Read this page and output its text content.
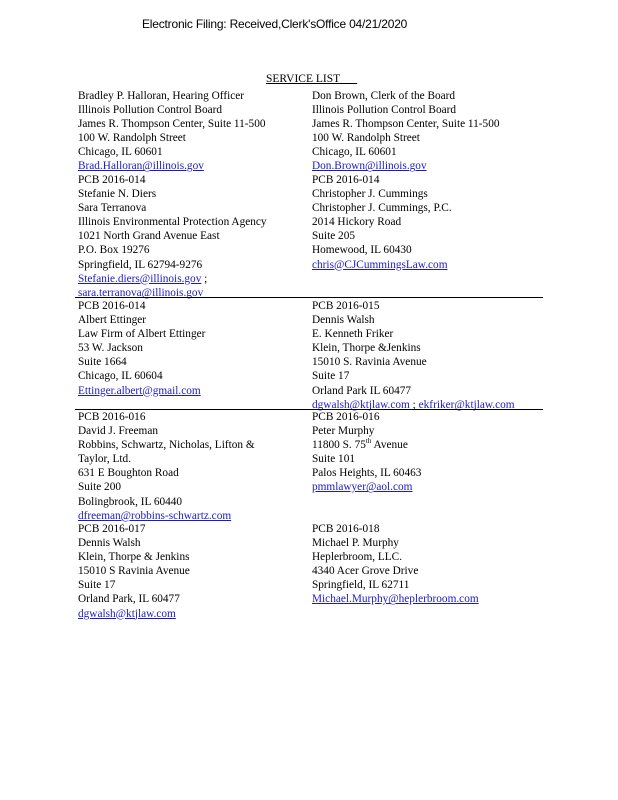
Electronic Filing: Received,Clerk'sOffice 04/21/2020
SERVICE LIST
Bradley P. Halloran, Hearing Officer
Illinois Pollution Control Board
James R. Thompson Center, Suite 11-500
100 W. Randolph Street
Chicago, IL 60601
Brad.Halloran@illinois.gov
Don Brown, Clerk of the Board
Illinois Pollution Control Board
James R. Thompson Center, Suite 11-500
100 W. Randolph Street
Chicago, IL 60601
Don.Brown@illinois.gov
PCB 2016-014
Stefanie N. Diers
Sara Terranova
Illinois Environmental Protection Agency
1021 North Grand Avenue East
P.O. Box 19276
Springfield, IL 62794-9276
Stefanie.diers@illinois.gov ;
sara.terranova@illinois.gov
PCB 2016-014
Christopher J. Cummings
Christopher J. Cummings, P.C.
2014 Hickory Road
Suite 205
Homewood, IL 60430
chris@CJCummingsLaw.com
PCB 2016-014
Albert Ettinger
Law Firm of Albert Ettinger
53 W. Jackson
Suite 1664
Chicago, IL 60604
Ettinger.albert@gmail.com
PCB 2016-015
Dennis Walsh
E. Kenneth Friker
Klein, Thorpe &Jenkins
15010 S. Ravinia Avenue
Suite 17
Orland Park IL 60477
dgwalsh@ktjlaw.com ; ekfriker@ktjlaw.com
PCB 2016-016
David J. Freeman
Robbins, Schwartz, Nicholas, Lifton &
Taylor, Ltd.
631 E Boughton Road
Suite 200
Bolingbrook, IL 60440
dfreeman@robbins-schwartz.com
PCB 2016-016
Peter Murphy
11800 S. 75th Avenue
Suite 101
Palos Heights, IL 60463
pmmlawyer@aol.com
PCB 2016-017
Dennis Walsh
Klein, Thorpe & Jenkins
15010 S Ravinia Avenue
Suite 17
Orland Park, IL 60477
dgwalsh@ktjlaw.com
PCB 2016-018
Michael P. Murphy
Heplerbroom, LLC.
4340 Acer Grove Drive
Springfield, IL 62711
Michael.Murphy@heplerbroom.com
